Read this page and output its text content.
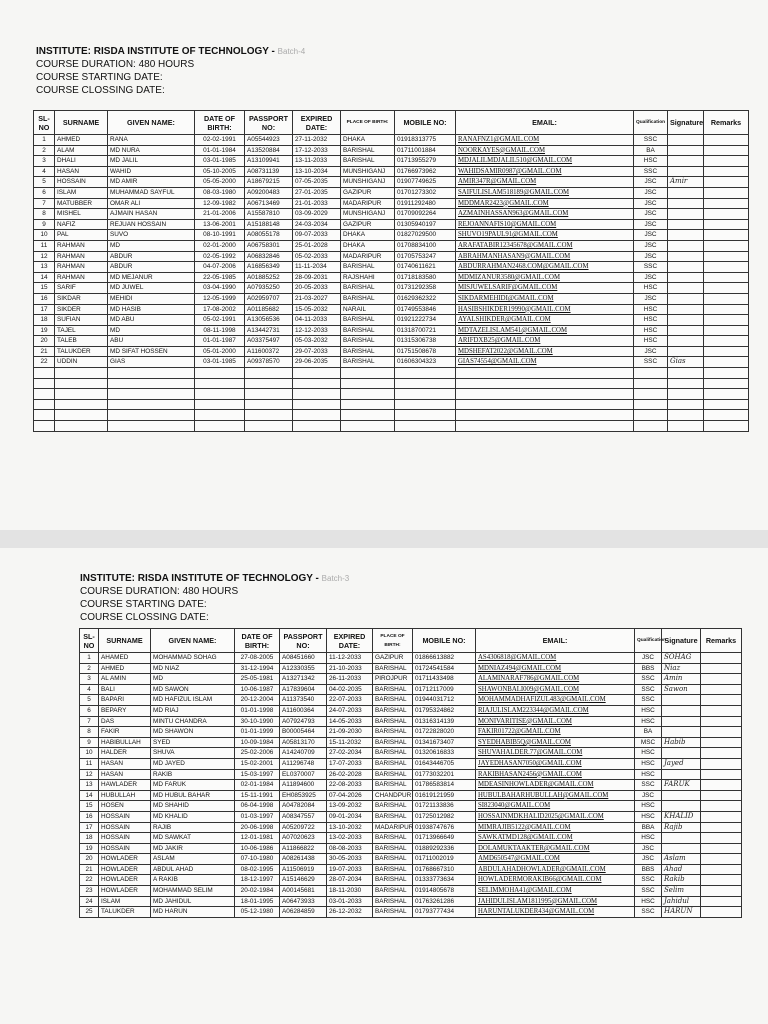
INSTITUTE: RISDA INSTITUTE OF TECHNOLOGY - Batch-4
COURSE DURATION: 480 HOURS
COURSE STARTING DATE:
COURSE CLOSSING DATE:
SL-NO	SURNAME	GIVEN NAME:	DATE OF BIRTH:	PASSPORT NO:	EXPIRED DATE:	PLACE OF BIRTH:	MOBILE NO:	EMAIL:	Qualification	Signature	Remarks
1	AHMED	RANA	02-02-1991	A05544923	27-11-2032	DHAKA	01918313775	RANAFNZ1@GMAIL.COM	SSC		
2	ALAM	MD NURA	01-01-1984	A13520884	17-12-2033	BARISHAL	01711001884	NOORKAYES@GMAIL.COM	BA		
3	DHALI	MD JALIL	03-01-1985	A13109941	13-11-2033	BARISHAL	01713955279	MDJALILMDJALIL510@GMAIL.COM	HSC		
4	HASAN	WAHID	05-10-2005	A08731139	13-10-2034	MUNSHIGANJ	01766973962	WAHIDSAMIR0987@GMAIL.COM	SSC		
5	HOSSAIN	MD AMIR	05-05-2000	A18679215	07-05-2035	MUNSHIGANJ	01907749625	AMIR347R@GMAIL.COM	JSC	Amir	
6	ISLAM	MUHAMMAD SAYFUL	08-03-1980	A09200483	27-01-2035	GAZIPUR	01701273302	SAIFULISLAM518189@GMAIL.COM	JSC		
7	MATUBBER	OMAR ALI	12-09-1982	A06713469	21-01-2033	MADARIPUR	01911292480	MDDMAR2423@GMAIL.COM	JSC		
8	MISHEL	AJMAIN HASAN	21-01-2006	A15587810	03-09-2029	MUNSHIGANJ	01709092264	AZMAINHASSAN963@GMAIL.COM	JSC		
9	NAFIZ	REJUAN HOSSAIN	13-06-2001	A15188148	24-03-2034	GAZIPUR	01305940197	REJOANNAFIS10@GMAIL.COM	JSC		
10	PAL	SUVO	08-10-1991	A08055178	09-07-2033	DHAKA	01827029500	SHUVO19PAUL91@GMAIL.COM	JSC		
11	RAHMAN	MD	02-01-2000	A06758301	25-01-2028	DHAKA	01708834100	ARAFATABIR12345678@GMAIL.COM	JSC		
12	RAHMAN	ABDUR	02-05-1992	A06832846	05-02-2033	MADARIPUR	01705753247	ABRAHMANHASAN9@GMAIL.COM	JSC		
13	RAHMAN	ABDUR	04-07-2006	A16856349	11-11-2034	BARISHAL	01740611621	ABDURRAHMAN2468.COM@GMAIL.COM	SSC		
14	RAHMAN	MD MEJANUR	22-05-1985	A01885252	28-09-2031	RAJSHAHI	01718183580	MDMIZANUR3580@GMAIL.COM	JSC		
15	SARIF	MD JUWEL	03-04-1990	A07935250	20-05-2033	BARISHAL	01731292358	MISJUWELSARIF@GMAIL.COM	HSC		
16	SIKDAR	MEHIDI	12-05-1999	A02959707	21-03-2027	BARISHAL	01629362322	SIKDARMEHIDI@GMAIL.COM	JSC		
17	SIKDER	MD HASIB	17-08-2002	A01185682	15-05-2032	NARAIL	01749553846	HASIBSHIKDER19990@GMAIL.COM	HSC		
18	SUFIAN	MD ABU	05-02-1991	A13056536	04-11-2033	BARISHAL	01921222734	AYALSHIKDER@GMAIL.COM	HSC		
19	TAJEL	MD	08-11-1998	A13442731	12-12-2033	BARISHAL	01318700721	MDTAZELISLAM541@GMAIL.COM	HSC		
20	TALEB	ABU	01-01-1987	A03375497	05-03-2032	BARISHAL	01315306738	ARIFDXB25@GMAIL.COM	HSC		
21	TALUKDER	MD SIFAT HOSSEN	05-01-2000	A11600372	29-07-2033	BARISHAL	01751508678	MDSHEFAT2022@GMAIL.COM	JSC		
22	UDDIN	GIAS	03-01-1985	A09378570	29-06-2035	BARISHAL	01606304323	GIAS74554@GMAIL.COM	SSC	Gias	

INSTITUTE: RISDA INSTITUTE OF TECHNOLOGY - Batch-3
COURSE DURATION: 480 HOURS
COURSE STARTING DATE:
COURSE CLOSSING DATE:
SL-NO	SURNAME	GIVEN NAME:	DATE OF BIRTH:	PASSPORT NO:	EXPIRED DATE:	PLACE OF BIRTH:	MOBILE NO:	EMAIL:	Qualification	Signature	Remarks
1	AHAMED	MOHAMMAD SOHAG	27-08-2005	A08451660	11-12-2033	GAZIPUR	01866613882	AS4306818@GMAIL.COM	JSC	SOHAG	
2	AHMED	MD NIAZ	31-12-1994	A12330355	21-10-2033	BARISHAL	01724541584	MDNIAZ494@GMAIL.COM	BBS	Niaz	
3	AL AMIN	MD	25-05-1981	A13271342	26-11-2033	PIROJPUR	01711433498	ALAMINARAF786@GMAIL.COM	SSC	Amin	
4	BALI	MD SAWON	10-06-1987	A17839604	04-02-2035	BARISHAL	01712117009	SHAWONBALI009@GMAIL.COM	SSC	Sawon	
5	BAPARI	MD HAFIZUL ISLAM	20-12-2004	A11373540	22-07-2033	BARISHAL	01944031712	MOHAMMADHAFIZUL483@GMAIL.COM	SSC		
6	BEPARY	MD RIAJ	01-01-1998	A11600364	24-07-2033	BARISHAL	01795324862	RIAJULISLAM223344@GMAIL.COM	HSC		
7	DAS	MINTU CHANDRA	30-10-1990	A07924793	14-05-2033	BARISHAL	01316314139	MONIVARITISE@GMAIL.COM	HSC		
8	FAKIR	MD SHAWON	01-01-1999	B00005464	21-09-2030	BARISHAL	01722828020	FAKIR01722@GMAIL.COM	BA		
9	HABIBULLAH	SYED	10-09-1984	A05813170	15-11-2032	BARISHAL	01341673407	SYEDHABIB5Q@GMAIL.COM	MSC	Habib	
10	HALDER	SHUVA	25-02-2006	A14240709	27-02-2034	BARISHAL	01320616833	SHUVAHALDER.77@GMAIL.COM	HSC		
11	HASAN	MD JAYED	15-02-2001	A11296748	17-07-2033	BARISHAL	01643446705	JAYEDHASAN7050@GMAIL.COM	HSC	Jayed	
12	HASAN	RAKIB	15-03-1997	EL0370007	26-02-2028	BARISHAL	01773032201	RAKIBHASAN2456@GMAIL.COM	HSC		
13	HAWLADER	MD FARUK	02-01-1984	A11894600	22-08-2033	BARISHAL	01786583814	MDEASINHOWLADER@GMAIL.COM	SSC	FARUK	
14	HUBULLAH	MD HUBUL BAHAR	15-11-1991	EH0853925	07-04-2026	CHANDPUR	01619121959	HUBULBAHARHUBULLAH@GMAIL.COM	JSC		
15	HOSEN	MD SHAHID	06-04-1998	A04782084	13-09-2032	BARISHAL	01721133836	SI823040@GMAIL.COM	HSC		
16	HOSSAIN	MD KHALID	01-03-1997	A08347557	09-01-2034	BARISHAL	01725012982	HOSSAINMDKHALID2025@GMAIL.COM	HSC	KHALID	
17	HOSSAIN	RAJIB	20-06-1998	A05209722	13-10-2032	MADARIPUR	01938747676	MIMRAJIB5122@GMAIL.COM	BBA	Rajib	
18	HOSSAIN	MD SAWKAT	12-01-1981	A07020623	13-02-2033	BARISHAL	01713966649	SAWKATMD128@GMAIL.COM	HSC		
19	HOSSAIN	MD JAKIR	10-06-1986	A11866822	08-08-2033	BARISHAL	01889292336	DOLAMUKTAAKTER@GMAIL.COM	JSC		
20	HOWLADER	ASLAM	07-10-1980	A08261438	30-05-2033	BARISHAL	01711002019	AMD650547@GMAIL.COM	JSC	Aslam	
21	HOWLADER	ABDUL AHAD	08-02-1995	A11506919	19-07-2033	BARISHAL	01768667310	ABDULAHADHOWLADER@GMAIL.COM	BBS	Ahad	
22	HOWLADER	A RAKIB	18-12-1997	A15146629	28-07-2034	BARISHAL	01333773634	HOWLADERMORAKIB66@GMAIL.COM	SSC	Rakib	
23	HOWLADER	MOHAMMAD SELIM	20-02-1984	A00145681	18-11-2030	BARISHAL	01914805678	SELIMMOHA41@GMAIL.COM	SSC	Selim	
24	ISLAM	MD JAHIDUL	18-01-1995	A06473933	03-01-2033	BARISHAL	01763261286	JAHIDULISLAM1811995@GMAIL.COM	HSC	Jahidul	
25	TALUKDER	MD HARUN	05-12-1980	A06284859	26-12-2032	BARISHAL	01793777434	HARUNTALUKDER434@GMAIL.COM	SSC	HARUN	
